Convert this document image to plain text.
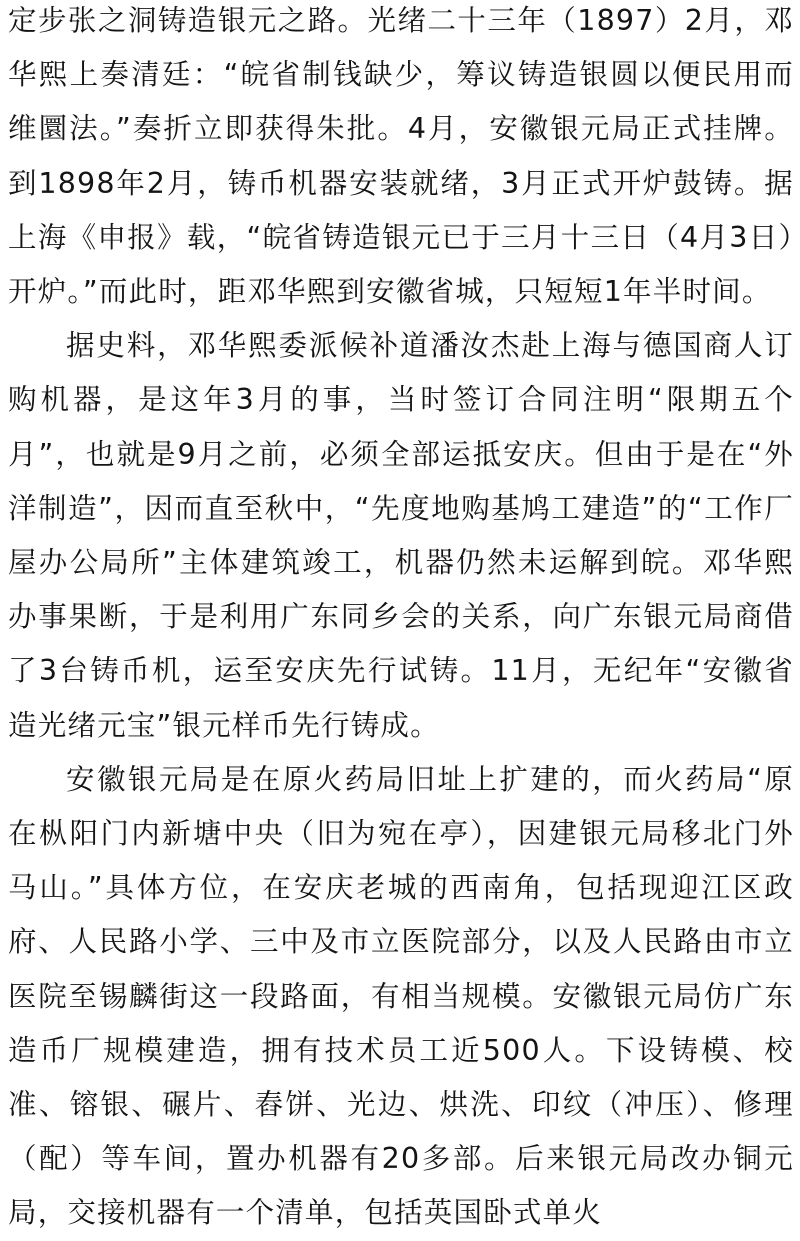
定步张之洞铸造银元之路。光绪二十三年（1897）2月，邓华熙上奏清廷：“皖省制钱缺少，筹议铸造银圆以便民用而维圜法。”奏折立即获得朱批。4月，安徽银元局正式挂牌。到1898年2月，铸币机器安装就绪，3月正式开炉鼓铸。据上海《申报》载，“皖省铸造银元已于三月十三日（4月3日）开炉。”而此时，距邓华熙到安徽省城，只短短1年半时间。

据史料，邓华熙委派候补道潘汝杰赴上海与德国商人订购机器，是这年3月的事，当时签订合同注明“限期五个月”，也就是9月之前，必须全部运抵安庆。但由于是在“外洋制造”，因而直至秋中，“先度地购基鸠工建造”的“工作厂屋办公局所”主体建筑竣工，机器仍然未运解到皖。邓华熙办事果断，于是利用广东同乡会的关系，向广东银元局商借了3台铸币机，运至安庆先行试铸。11月，无纪年“安徽省造光绪元宝”银元样币先行铸成。

安徽银元局是在原火药局旧址上扩建的，而火药局“原在枞阳门内新塘中央（旧为宛在亭），因建银元局移北门外马山。”具体方位，在安庆老城的西南角，包括现迎江区政府、人民路小学、三中及市立医院部分，以及人民路由市立医院至锡麟街这一段路面，有相当规模。安徽银元局仿广东造币厂规模建造，拥有技术员工近500人。下设铸模、校准、镕银、碾片、舂饼、光边、烘洗、印纹（冲压）、修理（配）等车间，置办机器有20多部。后来银元局改办铜元局，交接机器有一个清单，包括英国卧式单火
